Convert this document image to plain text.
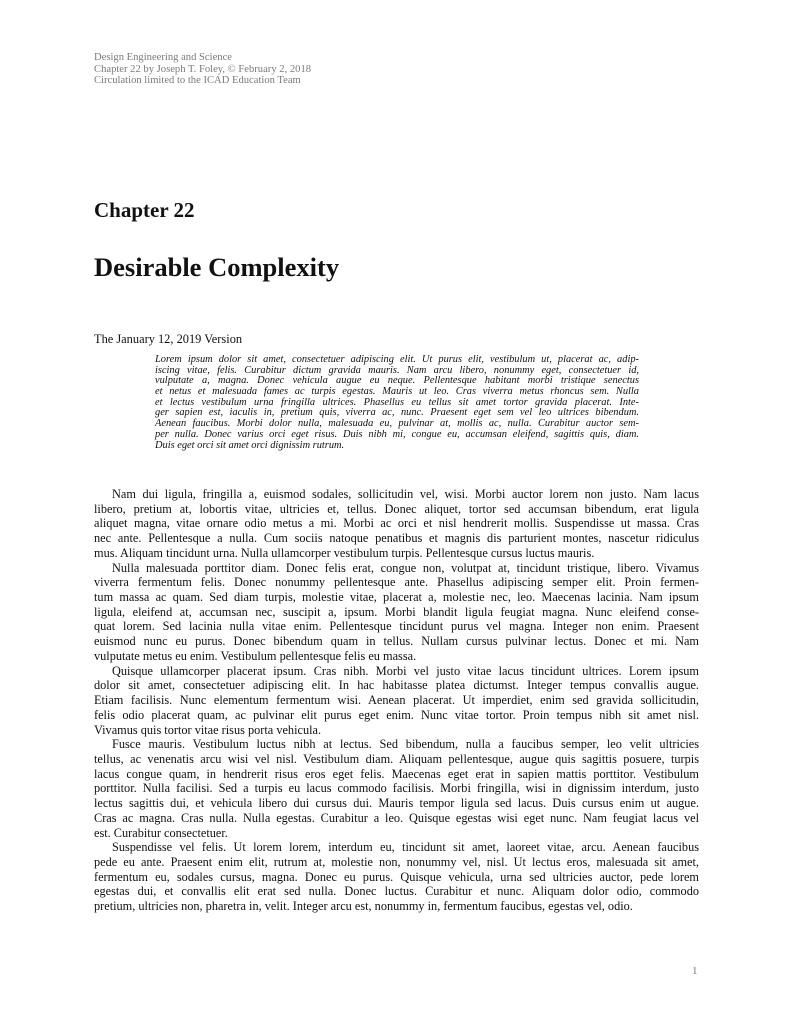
Design Engineering and Science
Chapter 22 by Joseph T. Foley, © February 2, 2018
Circulation limited to the ICAD Education Team
Chapter 22
Desirable Complexity
The January 12, 2019 Version
Lorem ipsum dolor sit amet, consectetuer adipiscing elit. Ut purus elit, vestibulum ut, placerat ac, adip-
iscing vitae, felis. Curabitur dictum gravida mauris. Nam arcu libero, nonummy eget, consectetuer id,
vulputate a, magna. Donec vehicula augue eu neque. Pellentesque habitant morbi tristique senectus
et netus et malesuada fames ac turpis egestas. Mauris ut leo. Cras viverra metus rhoncus sem. Nulla
et lectus vestibulum urna fringilla ultrices. Phasellus eu tellus sit amet tortor gravida placerat. Inte-
ger sapien est, iaculis in, pretium quis, viverra ac, nunc. Praesent eget sem vel leo ultrices bibendum.
Aenean faucibus. Morbi dolor nulla, malesuada eu, pulvinar at, mollis ac, nulla. Curabitur auctor sem-
per nulla. Donec varius orci eget risus. Duis nibh mi, congue eu, accumsan eleifend, sagittis quis, diam.
Duis eget orci sit amet orci dignissim rutrum.
Nam dui ligula, fringilla a, euismod sodales, sollicitudin vel, wisi. Morbi auctor lorem non justo. Nam lacus
libero, pretium at, lobortis vitae, ultricies et, tellus. Donec aliquet, tortor sed accumsan bibendum, erat ligula
aliquet magna, vitae ornare odio metus a mi. Morbi ac orci et nisl hendrerit mollis. Suspendisse ut massa. Cras
nec ante. Pellentesque a nulla. Cum sociis natoque penatibus et magnis dis parturient montes, nascetur ridiculus
mus. Aliquam tincidunt urna. Nulla ullamcorper vestibulum turpis. Pellentesque cursus luctus mauris.
Nulla malesuada porttitor diam. Donec felis erat, congue non, volutpat at, tincidunt tristique, libero. Vivamus
viverra fermentum felis. Donec nonummy pellentesque ante. Phasellus adipiscing semper elit. Proin fermen-
tum massa ac quam. Sed diam turpis, molestie vitae, placerat a, molestie nec, leo. Maecenas lacinia. Nam ipsum
ligula, eleifend at, accumsan nec, suscipit a, ipsum. Morbi blandit ligula feugiat magna. Nunc eleifend conse-
quat lorem. Sed lacinia nulla vitae enim. Pellentesque tincidunt purus vel magna. Integer non enim. Praesent
euismod nunc eu purus. Donec bibendum quam in tellus. Nullam cursus pulvinar lectus. Donec et mi. Nam
vulputate metus eu enim. Vestibulum pellentesque felis eu massa.
Quisque ullamcorper placerat ipsum. Cras nibh. Morbi vel justo vitae lacus tincidunt ultrices. Lorem ipsum
dolor sit amet, consectetuer adipiscing elit. In hac habitasse platea dictumst. Integer tempus convallis augue.
Etiam facilisis. Nunc elementum fermentum wisi. Aenean placerat. Ut imperdiet, enim sed gravida sollicitudin,
felis odio placerat quam, ac pulvinar elit purus eget enim. Nunc vitae tortor. Proin tempus nibh sit amet nisl.
Vivamus quis tortor vitae risus porta vehicula.
Fusce mauris. Vestibulum luctus nibh at lectus. Sed bibendum, nulla a faucibus semper, leo velit ultricies
tellus, ac venenatis arcu wisi vel nisl. Vestibulum diam. Aliquam pellentesque, augue quis sagittis posuere, turpis
lacus congue quam, in hendrerit risus eros eget felis. Maecenas eget erat in sapien mattis porttitor. Vestibulum
porttitor. Nulla facilisi. Sed a turpis eu lacus commodo facilisis. Morbi fringilla, wisi in dignissim interdum, justo
lectus sagittis dui, et vehicula libero dui cursus dui. Mauris tempor ligula sed lacus. Duis cursus enim ut augue.
Cras ac magna. Cras nulla. Nulla egestas. Curabitur a leo. Quisque egestas wisi eget nunc. Nam feugiat lacus vel
est. Curabitur consectetuer.
Suspendisse vel felis. Ut lorem lorem, interdum eu, tincidunt sit amet, laoreet vitae, arcu. Aenean faucibus
pede eu ante. Praesent enim elit, rutrum at, molestie non, nonummy vel, nisl. Ut lectus eros, malesuada sit amet,
fermentum eu, sodales cursus, magna. Donec eu purus. Quisque vehicula, urna sed ultricies auctor, pede lorem
egestas dui, et convallis elit erat sed nulla. Donec luctus. Curabitur et nunc. Aliquam dolor odio, commodo
pretium, ultricies non, pharetra in, velit. Integer arcu est, nonummy in, fermentum faucibus, egestas vel, odio.
1
